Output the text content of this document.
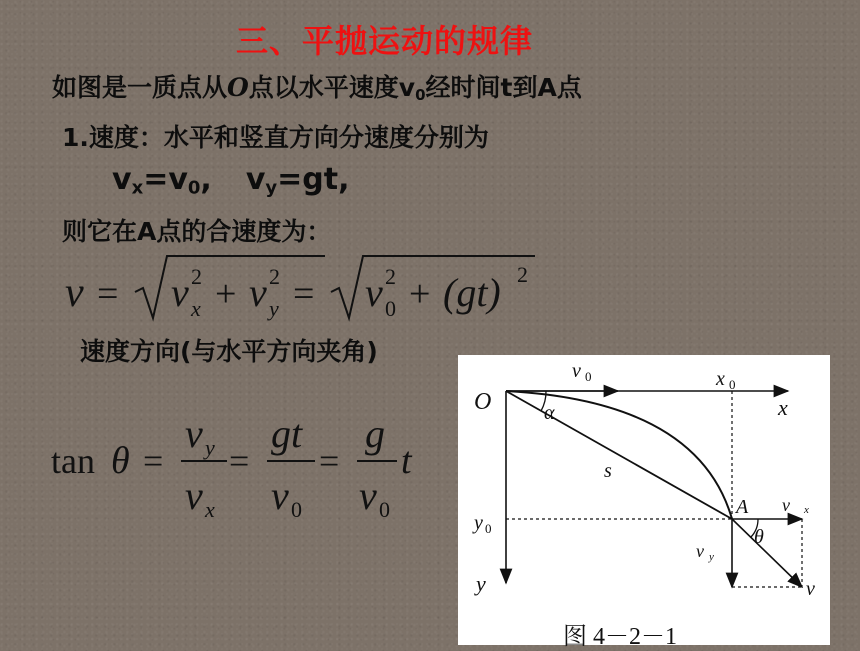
三、平抛运动的规律
如图是一质点从O点以水平速度$v_0$经时间t到A点
1.速度：水平和竖直方向分速度分别为
$v_x=v_0$, $v_y=gt$,
则它在A点的合速度为：
v = v 2
x + v 2
y = v 2
0 + (gt) 2
速度方向(与水平方向夹角)
tan θ =
v y
v x
=
gt
v 0
=
g
v 0
t
O
v 0	x 0
x
α
s
A v x
y 0
v y
θ
y	v
图 4－2－1
